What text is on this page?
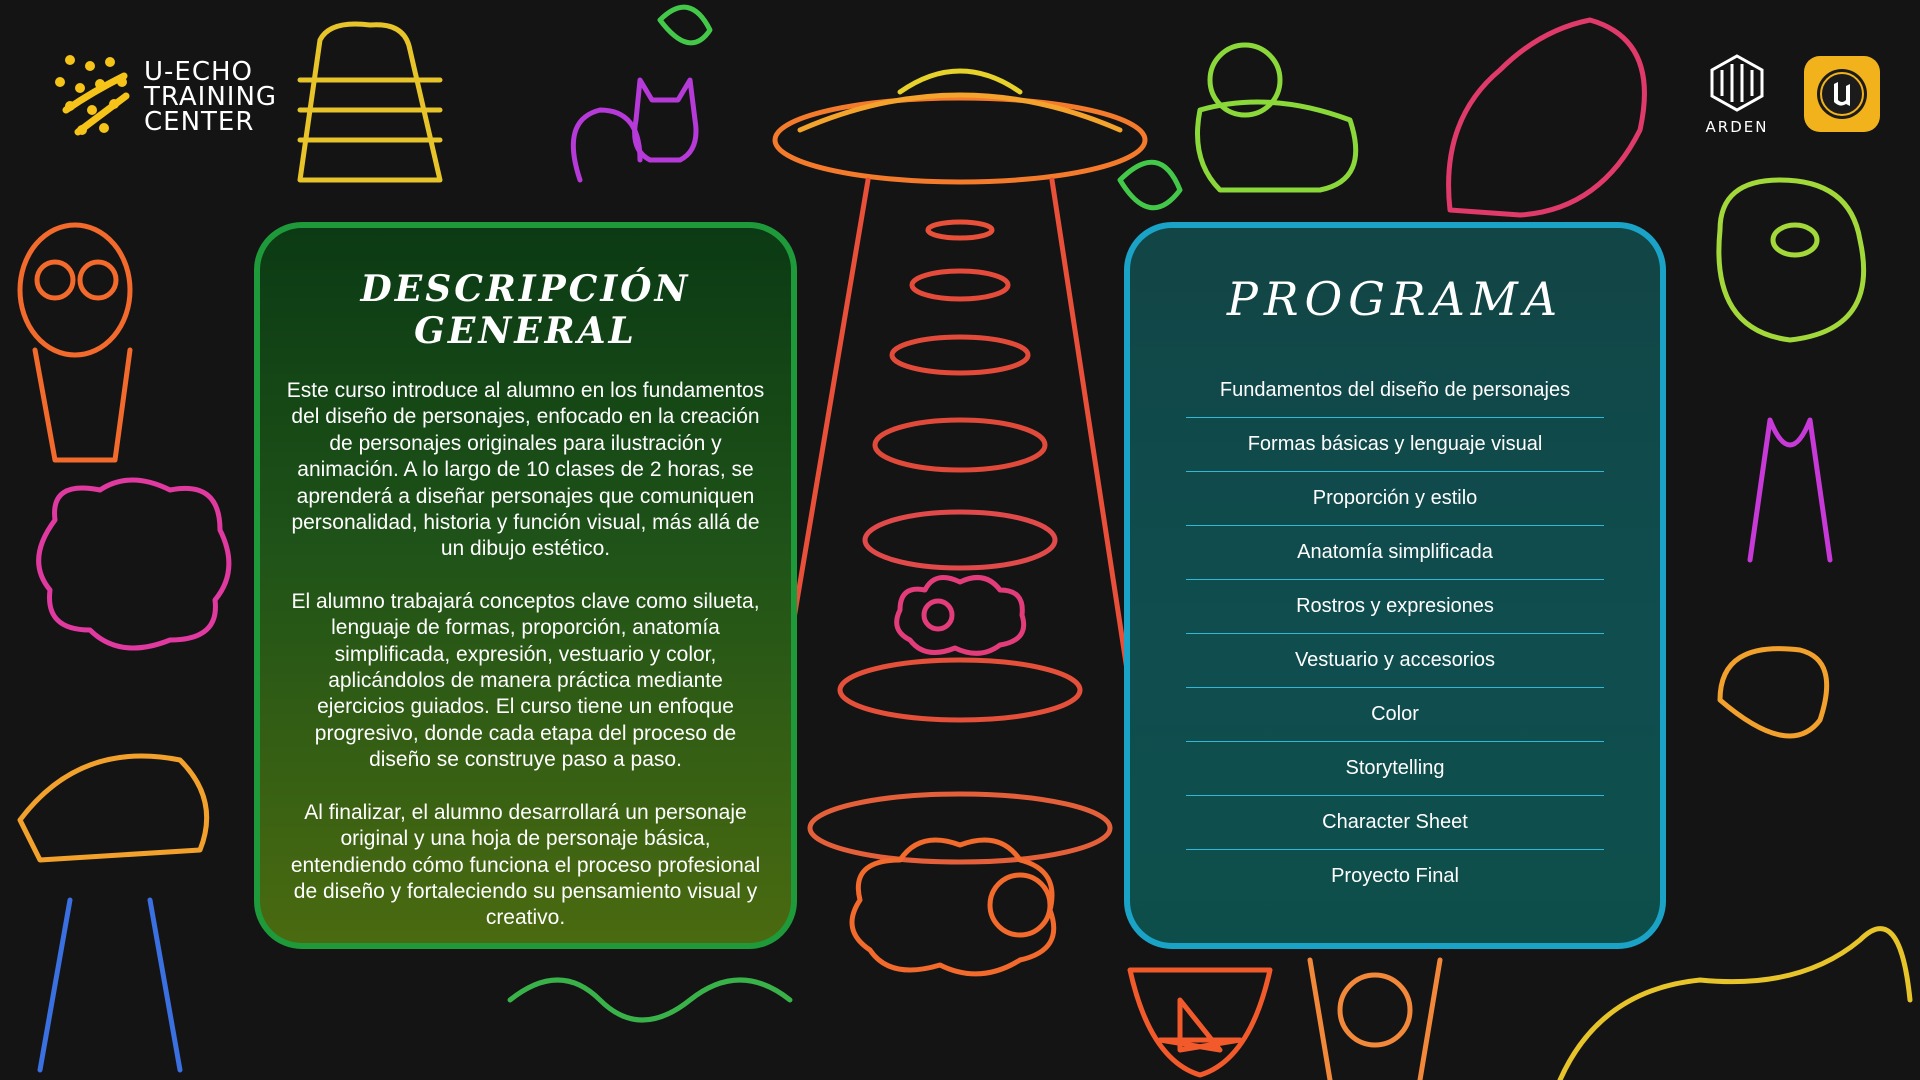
U-ECHO
TRAINING
CENTER	ARDEN
DESCRIPCIÓN GENERAL

Este curso introduce al alumno en los fundamentos del diseño de personajes, enfocado en la creación de personajes originales para ilustración y animación. A lo largo de 10 clases de 2 horas, se aprenderá a diseñar personajes que comuniquen personalidad, historia y función visual, más allá de un dibujo estético.

El alumno trabajará conceptos clave como silueta, lenguaje de formas, proporción, anatomía simplificada, expresión, vestuario y color, aplicándolos de manera práctica mediante ejercicios guiados. El curso tiene un enfoque progresivo, donde cada etapa del proceso de diseño se construye paso a paso.

Al finalizar, el alumno desarrollará un personaje original y una hoja de personaje básica, entendiendo cómo funciona el proceso profesional de diseño y fortaleciendo su pensamiento visual y creativo.

PROGRAMA
Fundamentos del diseño de personajes
Formas básicas y lenguaje visual
Proporción y estilo
Anatomía simplificada
Rostros y expresiones
Vestuario y accesorios
Color
Storytelling
Character Sheet
Proyecto Final
